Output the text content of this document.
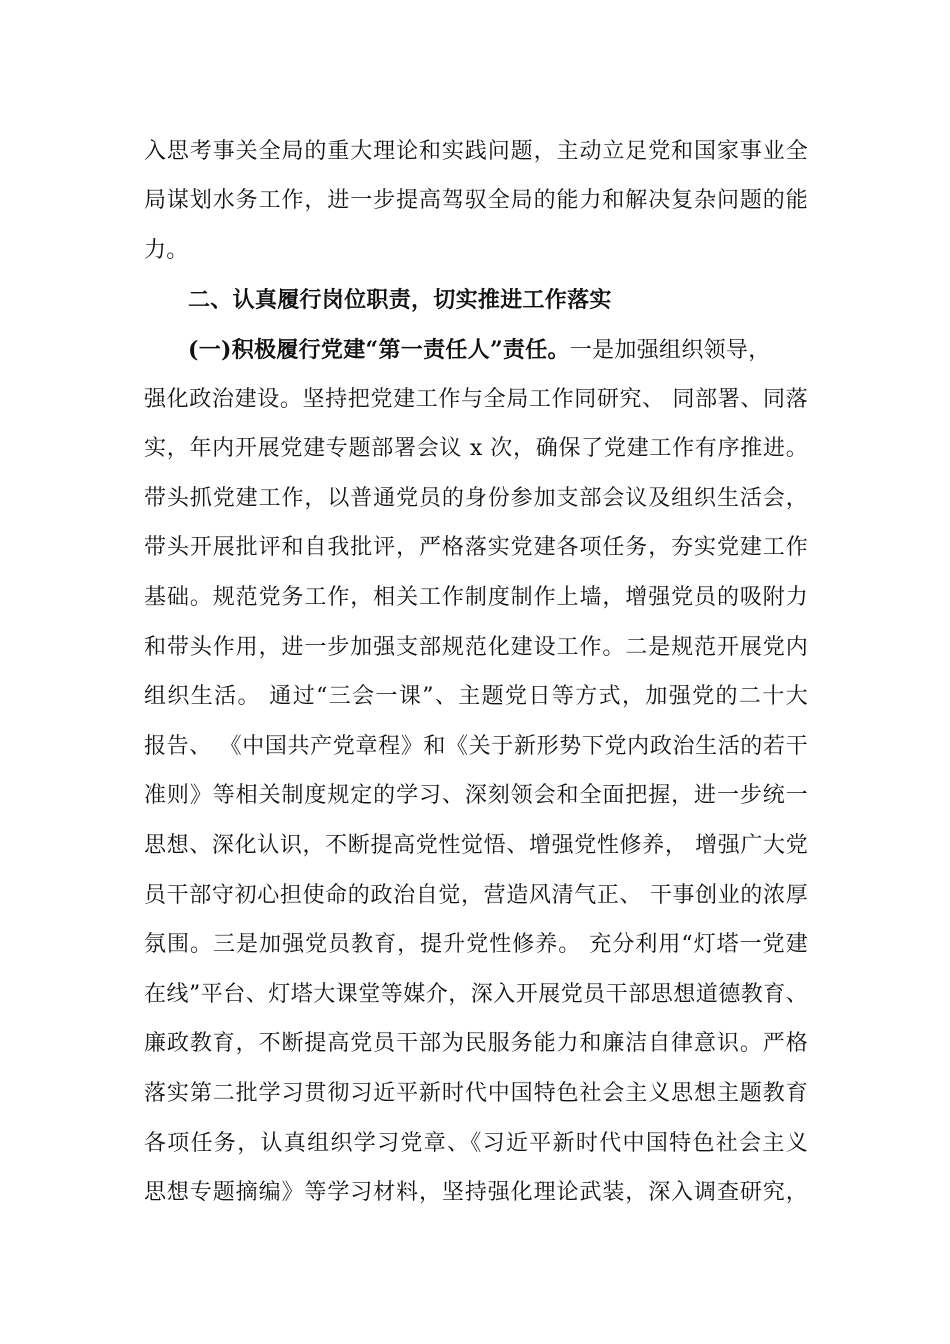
入思考事关全局的重大理论和实践问题，主动立足党和国家事业全
局谋划水务工作，进一步提高驾驭全局的能力和解决复杂问题的能
力。
二、认真履行岗位职责，切实推进工作落实
(一)积极履行党建“第一责任人”责任。一是加强组织领导，
强化政治建设。坚持把党建工作与全局工作同研究、 同部署、同落
实，年内开展党建专题部署会议 x 次，确保了党建工作有序推进。
带头抓党建工作，以普通党员的身份参加支部会议及组织生活会，
带头开展批评和自我批评，严格落实党建各项任务，夯实党建工作
基础。规范党务工作，相关工作制度制作上墙，增强党员的吸附力
和带头作用，进一步加强支部规范化建设工作。二是规范开展党内
组织生活。 通过“三会一课”、主题党日等方式，加强党的二十大
报告、 《中国共产党章程》和《关于新形势下党内政治生活的若干
准则》等相关制度规定的学习、深刻领会和全面把握，进一步统一
思想、深化认识，不断提高党性觉悟、增强党性修养， 增强广大党
员干部守初心担使命的政治自觉，营造风清气正、 干事创业的浓厚
氛围。三是加强党员教育，提升党性修养。 充分利用“灯塔一党建
在线”平台、灯塔大课堂等媒介，深入开展党员干部思想道德教育、
廉政教育，不断提高党员干部为民服务能力和廉洁自律意识。严格
落实第二批学习贯彻习近平新时代中国特色社会主义思想主题教育
各项任务，认真组织学习党章、《习近平新时代中国特色社会主义
思想专题摘编》等学习材料，坚持强化理论武装，深入调查研究，
